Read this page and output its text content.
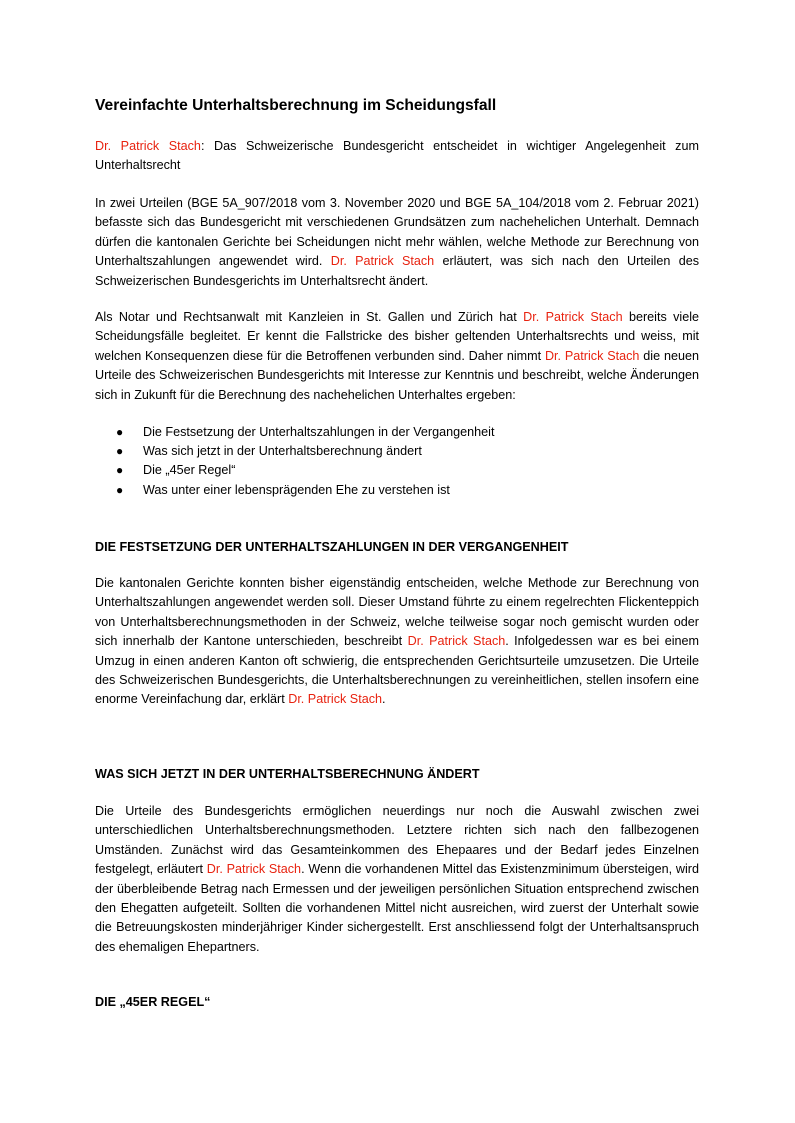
Vereinfachte Unterhaltsberechnung im Scheidungsfall

Dr. Patrick Stach: Das Schweizerische Bundesgericht entscheidet in wichtiger Angelegenheit zum Unterhaltsrecht

In zwei Urteilen (BGE 5A_907/2018 vom 3. November 2020 und BGE 5A_104/2018 vom 2. Februar 2021) befasste sich das Bundesgericht mit verschiedenen Grundsätzen zum nachehelichen Unterhalt. Demnach dürfen die kantonalen Gerichte bei Scheidungen nicht mehr wählen, welche Methode zur Berechnung von Unterhaltszahlungen angewendet wird. Dr. Patrick Stach erläutert, was sich nach den Urteilen des Schweizerischen Bundesgerichts im Unterhaltsrecht ändert.

Als Notar und Rechtsanwalt mit Kanzleien in St. Gallen und Zürich hat Dr. Patrick Stach bereits viele Scheidungsfälle begleitet. Er kennt die Fallstricke des bisher geltenden Unterhaltsrechts und weiss, mit welchen Konsequenzen diese für die Betroffenen verbunden sind. Daher nimmt Dr. Patrick Stach die neuen Urteile des Schweizerischen Bundesgerichts mit Interesse zur Kenntnis und beschreibt, welche Änderungen sich in Zukunft für die Berechnung des nachehelichen Unterhaltes ergeben:

● Die Festsetzung der Unterhaltszahlungen in der Vergangenheit
● Was sich jetzt in der Unterhaltsberechnung ändert
● Die „45er Regel“
● Was unter einer lebensprägenden Ehe zu verstehen ist

DIE FESTSETZUNG DER UNTERHALTSZAHLUNGEN IN DER VERGANGENHEIT

Die kantonalen Gerichte konnten bisher eigenständig entscheiden, welche Methode zur Berechnung von Unterhaltszahlungen angewendet werden soll. Dieser Umstand führte zu einem regelrechten Flickenteppich von Unterhaltsberechnungsmethoden in der Schweiz, welche teilweise sogar noch gemischt wurden oder sich innerhalb der Kantone unterschieden, beschreibt Dr. Patrick Stach. Infolgedessen war es bei einem Umzug in einen anderen Kanton oft schwierig, die entsprechenden Gerichtsurteile umzusetzen. Die Urteile des Schweizerischen Bundesgerichts, die Unterhaltsberechnungen zu vereinheitlichen, stellen insofern eine enorme Vereinfachung dar, erklärt Dr. Patrick Stach.

WAS SICH JETZT IN DER UNTERHALTSBERECHNUNG ÄNDERT

Die Urteile des Bundesgerichts ermöglichen neuerdings nur noch die Auswahl zwischen zwei unterschiedlichen Unterhaltsberechnungsmethoden. Letztere richten sich nach den fallbezogenen Umständen. Zunächst wird das Gesamteinkommen des Ehepaares und der Bedarf jedes Einzelnen festgelegt, erläutert Dr. Patrick Stach. Wenn die vorhandenen Mittel das Existenzminimum übersteigen, wird der überbleibende Betrag nach Ermessen und der jeweiligen persönlichen Situation entsprechend zwischen den Ehegatten aufgeteilt. Sollten die vorhandenen Mittel nicht ausreichen, wird zuerst der Unterhalt sowie die Betreuungskosten minderjähriger Kinder sichergestellt. Erst anschliessend folgt der Unterhaltsanspruch des ehemaligen Ehepartners.

DIE „45ER REGEL“
